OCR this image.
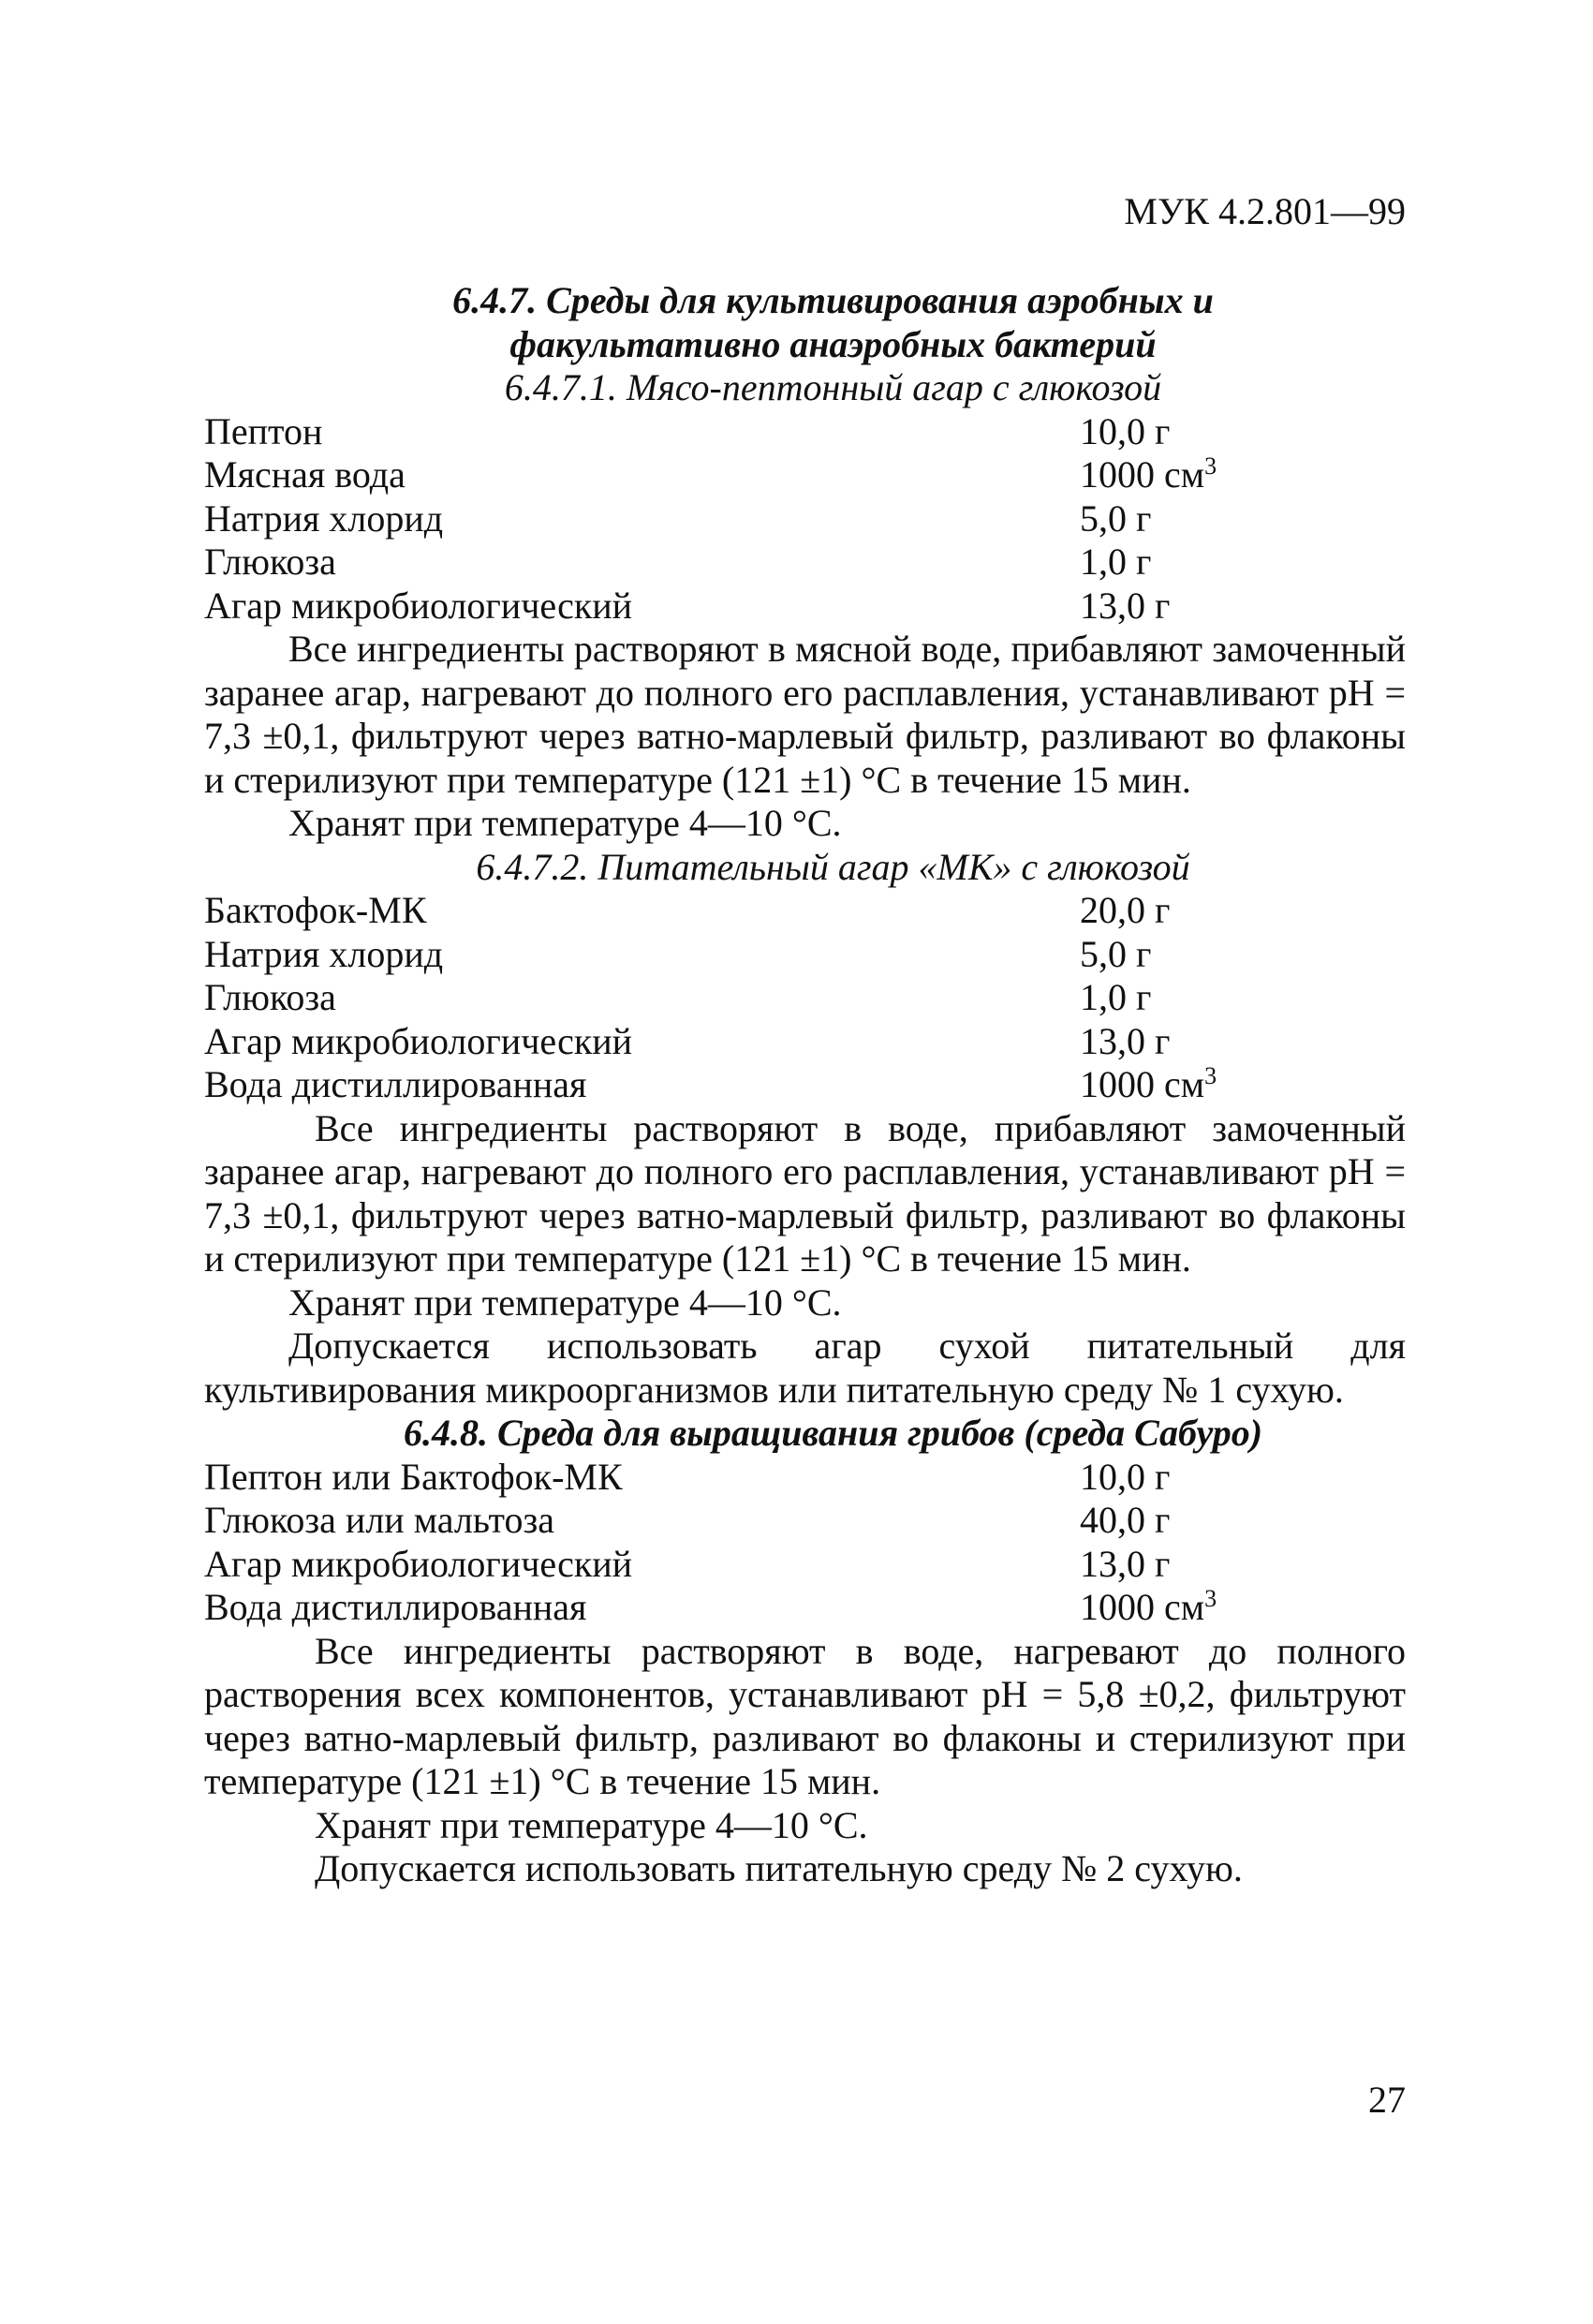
МУК 4.2.801—99
6.4.7. Среды для культивирования аэробных и
факультативно анаэробных бактерий
6.4.7.1. Мясо-пептонный агар с глюкозой
Пептон	10,0 г
Мясная вода	1000 $см^3$
Натрия хлорид	5,0 г
Глюкоза	1,0 г
Агар микробиологический	13,0 г

Все ингредиенты растворяют в мясной воде, прибавляют замоченный заранее агар, нагревают до полного его расплавления, устанавливают pH = 7,3 ±0,1, фильтруют через ватно-марлевый фильтр, разливают во флаконы и стерилизуют при температуре (121 ±1) °С в течение 15 мин.

Хранят при температуре 4—10 °С.
6.4.7.2. Питательный агар «МК» с глюкозой
Бактофок-МК	20,0 г
Натрия хлорид	5,0 г
Глюкоза	1,0 г
Агар микробиологический	13,0 г
Вода дистиллированная	1000 $см^3$

Все ингредиенты растворяют в воде, прибавляют замоченный заранее агар, нагревают до полного его расплавления, устанавливают pH = 7,3 ±0,1, фильтруют через ватно-марлевый фильтр, разливают во флаконы и стерилизуют при температуре (121 ±1) °С в течение 15 мин.

Хранят при температуре 4—10 °С.

Допускается использовать агар сухой питательный для культивирования микроорганизмов или питательную среду № 1 сухую.

6.4.8. Среда для выращивания грибов (среда Сабуро)
Пептон или Бактофок-МК	10,0 г
Глюкоза или мальтоза	40,0 г
Агар микробиологический	13,0 г
Вода дистиллированная	1000 $см^3$

Все ингредиенты растворяют в воде, нагревают до полного растворения всех компонентов, устанавливают pH = 5,8 ±0,2, фильтруют через ватно-марлевый фильтр, разливают во флаконы и стерилизуют при температуре (121 ±1) °С в течение 15 мин.

Хранят при температуре 4—10 °С.
Допускается использовать питательную среду № 2 сухую.
27
